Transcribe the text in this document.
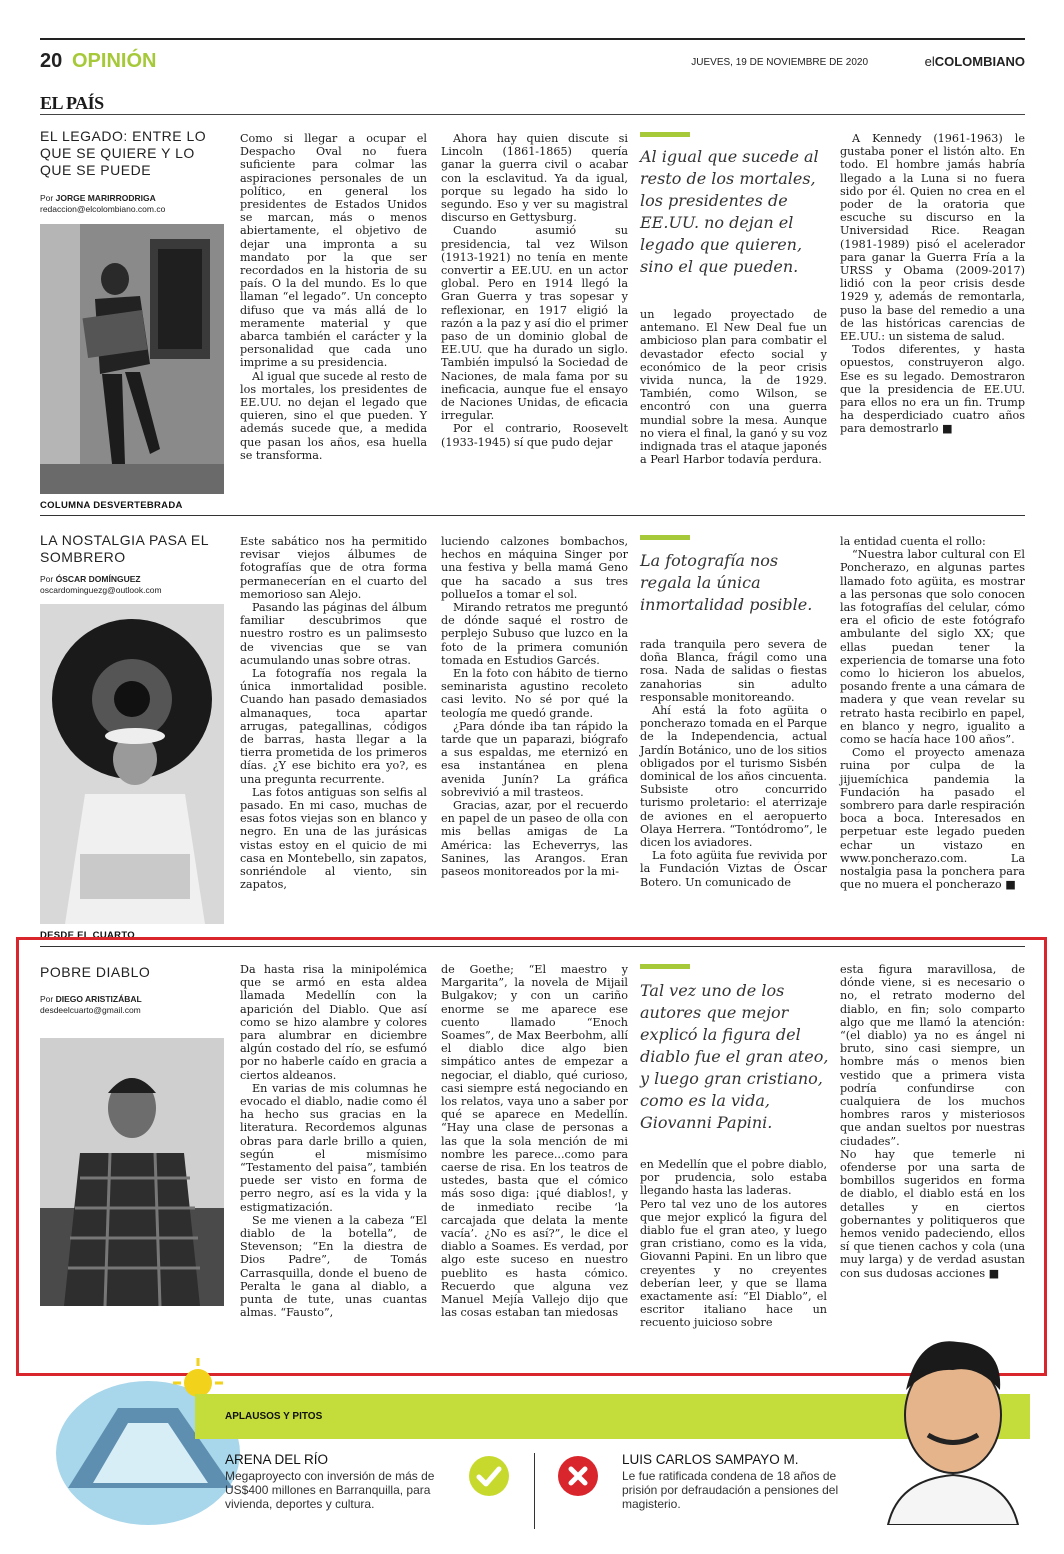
20 OPINIÓN	JUEVES, 19 DE NOVIEMBRE DE 2020	elCOLOMBIANO
EL PAÍS
EL LEGADO: ENTRE LO QUE SE QUIERE Y LO QUE SE PUEDE
Por JORGE MARIRRODRIGA
redaccion@elcolombiano.com.co

Como si llegar a ocupar el Despacho Oval no fuera suficiente para colmar las aspiraciones personales de un político, en general los presidentes de Estados Unidos se marcan, más o menos abiertamente, el objetivo de dejar una impronta a su mandato por la que ser recordados en la historia de su país. O la del mundo. Es lo que llaman “el legado”. Un concepto difuso que va más allá de lo meramente material y que abarca también el carácter y la personalidad que cada uno imprime a su presidencia.

Al igual que sucede al resto de los mortales, los presidentes de EE.UU. no dejan el legado que quieren, sino el que pueden. Y además sucede que, a medida que pasan los años, esa huella se transforma.

Ahora hay quien discute si Lincoln (1861-1865) quería ganar la guerra civil o acabar con la esclavitud. Ya da igual, porque su legado ha sido lo segundo. Eso y ver su magistral discurso en Gettysburg.

Cuando asumió su presidencia, tal vez Wilson (1913-1921) no tenía en mente convertir a EE.UU. en un actor global. Pero en 1914 llegó la Gran Guerra y tras sopesar y reflexionar, en 1917 eligió la razón a la paz y así dio el primer paso de un dominio global de EE.UU. que ha durado un siglo. También impulsó la Sociedad de Naciones, de mala fama por su ineficacia, aunque fue el ensayo de Naciones Unidas, de eficacia irregular.

Por el contrario, Roosevelt (1933-1945) sí que pudo dejar

Al igual que sucede al resto de los mortales, los presidentes de EE.UU. no dejan el legado que quieren, sino el que pueden.

un legado proyectado de antemano. El New Deal fue un ambicioso plan para combatir el devastador efecto social y económico de la peor crisis vivida nunca, la de 1929. También, como Wilson, se encontró con una guerra mundial sobre la mesa. Aunque no viera el final, la ganó y su voz indignada tras el ataque japonés a Pearl Harbor todavía perdura.

A Kennedy (1961-1963) le gustaba poner el listón alto. En todo. El hombre jamás habría llegado a la Luna si no fuera sido por él. Quien no crea en el poder de la oratoria que escuche su discurso en la Universidad Rice. Reagan (1981-1989) pisó el acelerador para ganar la Guerra Fría a la URSS y Obama (2009-2017) lidió con la peor crisis desde 1929 y, además de remontarla, puso la base del remedio a una de las históricas carencias de EE.UU.: un sistema de salud.

Todos diferentes, y hasta opuestos, construyeron algo. Ese es su legado. Demostraron que la presidencia de EE.UU. para ellos no era un fin. Trump ha desperdiciado cuatro años para demostrarlo ■

COLUMNA DESVERTEBRADA
LA NOSTALGIA PASA EL SOMBRERO
Por ÓSCAR DOMÍNGUEZ
oscardominguezg@outlook.com

Este sabático nos ha permitido revisar viejos álbumes de fotografías que de otra forma permanecerían en el cuarto del memorioso san Alejo.

Pasando las páginas del álbum familiar descubrimos que nuestro rostro es un palimsesto de vivencias que se van acumulando unas sobre otras.

La fotografía nos regala la única inmortalidad posible. Cuando han pasado demasiados almanaques, toca apartar arrugas, pategallinas, códigos de barras, hasta llegar a la tierra prometida de los primeros días. ¿Y ese bichito era yo?, es una pregunta recurrente.

Las fotos antiguas son selfis al pasado. En mi caso, muchas de esas fotos viejas son en blanco y negro. En una de las jurásicas vistas estoy en el quicio de mi casa en Montebello, sin zapatos, sonriéndole al viento, sin zapatos,

luciendo calzones bombachos, hechos en máquina Singer por una festiva y bella mamá Geno que ha sacado a sus tres pollueIos a tomar el sol.

Mirando retratos me preguntó de dónde saqué el rostro de perplejo Subuso que luzco en la foto de la primera comunión tomada en Estudios Garcés.

En la foto con hábito de tierno seminarista agustino recoleto casi levito. No sé por qué la teología me quedó grande.

¿Para dónde iba tan rápido la tarde que un paparazi, biógrafo a sus espaldas, me eternizó en esa instantánea en plena avenida Junín? La gráfica sobrevivió a mil trasteos.

Gracias, azar, por el recuerdo en papel de un paseo de olla con mis bellas amigas de La América: las Echeverrys, las Sanines, las Arangos. Eran paseos monitoreados por la mi-

La fotografía nos regala la única inmortalidad posible.

rada tranquila pero severa de doña Blanca, frágil como una rosa. Nada de salidas o fiestas zanahorias sin adulto responsable monitoreando.

Ahí está la foto agüita o poncherazo tomada en el Parque de la Independencia, actual Jardín Botánico, uno de los sitios obligados por el turismo Sisbén dominical de los años cincuenta. Subsiste otro concurrido turismo proletario: el aterrizaje de aviones en el aeropuerto Olaya Herrera. “Tontódromo”, le dicen los aviadores.

La foto agüita fue revivida por la Fundación Viztas de Óscar Botero. Un comunicado de

la entidad cuenta el rollo:

“Nuestra labor cultural con El Poncherazo, en algunas partes llamado foto agüita, es mostrar a las personas que solo conocen las fotografías del celular, cómo era el oficio de este fotógrafo ambulante del siglo XX; que ellas puedan tener la experiencia de tomarse una foto como lo hicieron los abuelos, posando frente a una cámara de madera y que vean revelar su retrato hasta recibirlo en papel, en blanco y negro, igualito a como se hacía hace 100 años”.

Como el proyecto amenaza ruina por culpa de la jijuemíchica pandemia la Fundación ha pasado el sombrero para darle respiración boca a boca. Interesados en perpetuar este legado pueden echar un vistazo en www.poncherazo.com. La nostalgia pasa la ponchera para que no muera el poncherazo ■

DESDE EL CUARTO
POBRE DIABLO
Por DIEGO ARISTIZÁBAL
desdeelcuarto@gmail.com

Da hasta risa la minipolémica que se armó en esta aldea llamada Medellín con la aparición del Diablo. Que así como se hizo alambre y colores para alumbrar en diciembre algún costado del río, se esfumó por no haberle caído en gracia a ciertos aldeanos.

En varias de mis columnas he evocado el diablo, nadie como él ha hecho sus gracias en la literatura. Recordemos algunas obras para darle brillo a quien, según el mismísimo “Testamento del paisa”, también puede ser visto en forma de perro negro, así es la vida y la estigmatización.

Se me vienen a la cabeza “El diablo de la botella”, de Stevenson; “En la diestra de Dios Padre”, de Tomás Carrasquilla, donde el bueno de Peralta le gana al diablo, a punta de tute, unas cuantas almas. “Fausto”,

de Goethe; “El maestro y Margarita”, la novela de Mijail Bulgakov; y con un cariño enorme se me aparece ese cuento llamado “Enoch Soames”, de Max Beerbohm, allí el diablo dice algo bien simpático antes de empezar a negociar, el diablo, qué curioso, casi siempre está negociando en los relatos, vaya uno a saber por qué se aparece en Medellín. “Hay una clase de personas a las que la sola mención de mi nombre les parece...como para caerse de risa. En los teatros de ustedes, basta que el cómico más soso diga: ¡qué diablos!, y de inmediato recibe ‘la carcajada que delata la mente vacía’. ¿No es así?”, le dice el diablo a Soames. Es verdad, por algo este suceso en nuestro pueblito es hasta cómico. Recuerdo que alguna vez Manuel Mejía Vallejo dijo que las cosas estaban tan miedosas

Tal vez uno de los autores que mejor explicó la figura del diablo fue el gran ateo, y luego gran cristiano, como es la vida, Giovanni Papini.

en Medellín que el pobre diablo, por prudencia, solo estaba llegando hasta las laderas.

Pero tal vez uno de los autores que mejor explicó la figura del diablo fue el gran ateo, y luego gran cristiano, como es la vida, Giovanni Papini. En un libro que creyentes y no creyentes deberían leer, y que se llama exactamente así: “El Diablo”, el escritor italiano hace un recuento juicioso sobre

esta figura maravillosa, de dónde viene, si es necesario o no, el retrato moderno del diablo, en fin; solo comparto algo que me llamó la atención: “(el diablo) ya no es ángel ni bruto, sino casi siempre, un hombre más o menos bien vestido que a primera vista podría confundirse con cualquiera de los muchos hombres raros y misteriosos que andan sueltos por nuestras ciudades”.

No hay que temerle ni ofenderse por una sarta de bombillos sugeridos en forma de diablo, el diablo está en los detalles y en ciertos gobernantes y politiqueros que hemos venido padeciendo, ellos sí que tienen cachos y cola (una muy larga) y de verdad asustan con sus dudosas acciones ■

APLAUSOS Y PITOS
ARENA DEL RÍO
Megaproyecto con inversión de más de US$400 millones en Barranquilla, para vivienda, deportes y cultura.
LUIS CARLOS SAMPAYO M.
Le fue ratificada condena de 18 años de prisión por defraudación a pensiones del magisterio.
